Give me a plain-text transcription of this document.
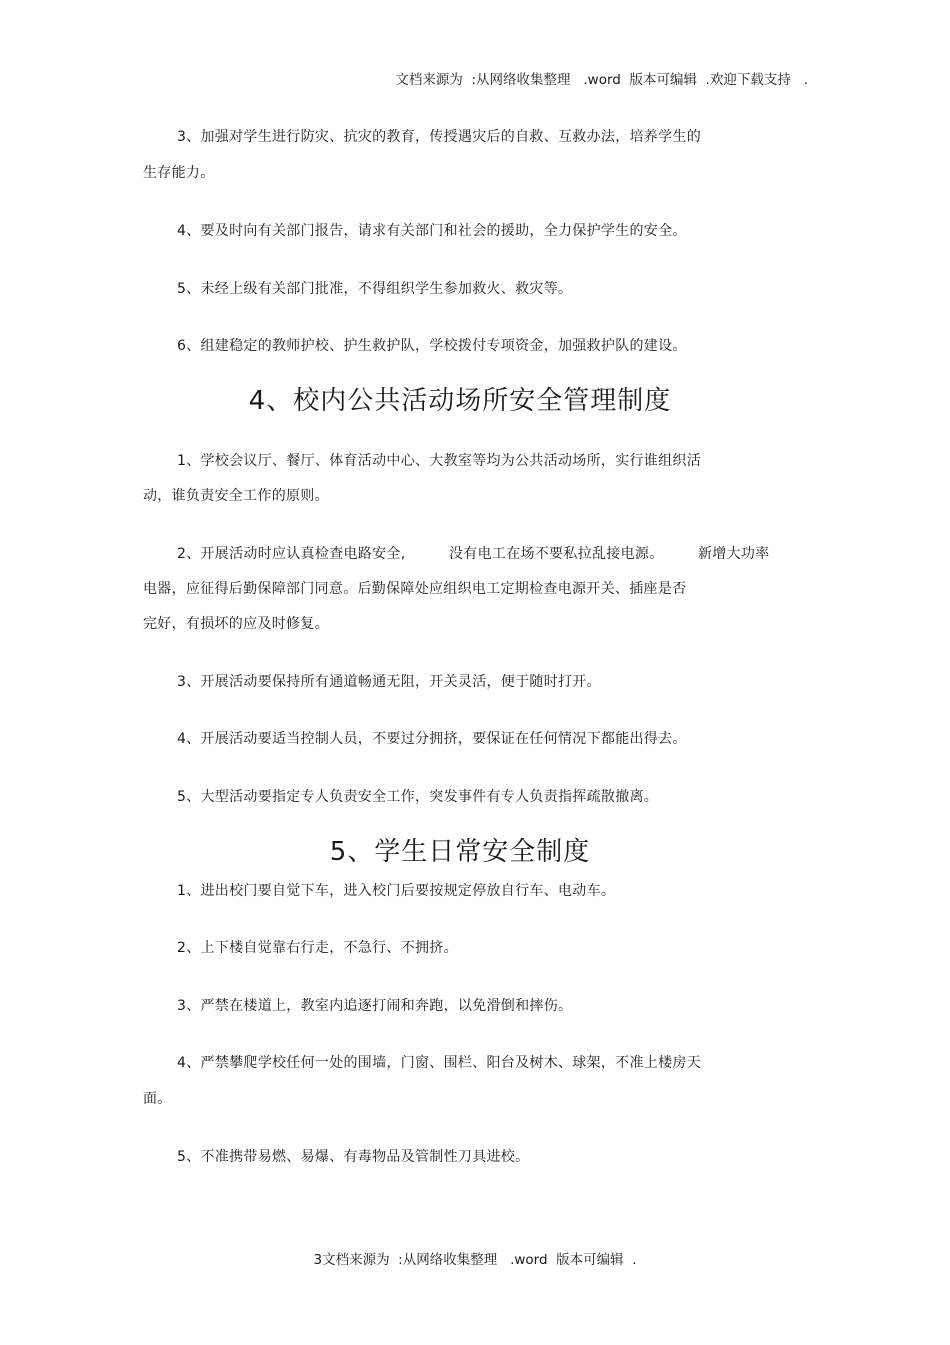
文档来源为  :从网络收集整理   .word  版本可编辑  .欢迎下载支持   .
3、加强对学生进行防灾、抗灾的教育，传授遇灾后的自救、互救办法，培养学生的
生存能力。
4、要及时向有关部门报告，请求有关部门和社会的援助，全力保护学生的安全。
5、未经上级有关部门批准，不得组织学生参加救火、救灾等。
6、组建稳定的教师护校、护生救护队，学校拨付专项资金，加强救护队的建设。
4、校内公共活动场所安全管理制度
1、学校会议厅、餐厅、体育活动中心、大教室等均为公共活动场所，实行谁组织活
动，谁负责安全工作的原则。
2、开展活动时应认真检查电路安全,	没有电工在场不要私拉乱接电源。 新增大功率
电器，应征得后勤保障部门同意。后勤保障处应组织电工定期检查电源开关、插座是否
完好，有损坏的应及时修复。
3、开展活动要保持所有通道畅通无阻，开关灵活，便于随时打开。
4、开展活动要适当控制人员，不要过分拥挤，要保证在任何情况下都能出得去。
5、大型活动要指定专人负责安全工作，突发事件有专人负责指挥疏散撤离。
5、学生日常安全制度
1、进出校门要自觉下车，进入校门后要按规定停放自行车、电动车。
2、上下楼自觉靠右行走，不急行、不拥挤。
3、严禁在楼道上，教室内追逐打闹和奔跑，以免滑倒和摔伤。
4、严禁攀爬学校任何一处的围墙，门窗、围栏、阳台及树木、球架，不准上楼房天
面。
5、不准携带易燃、易爆、有毒物品及管制性刀具进校。
3文档来源为  :从网络收集整理   .word  版本可编辑  .
